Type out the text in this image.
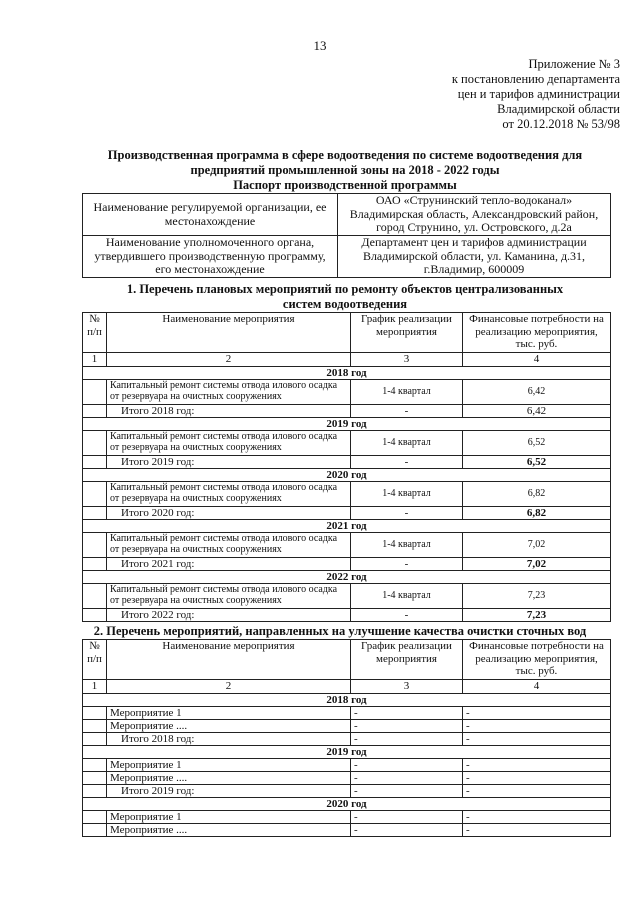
13
Приложение № 3
к постановлению департамента
цен и тарифов администрации
Владимирской области
от 20.12.2018 № 53/98
Производственная программа в сфере водоотведения по системе водоотведения для
предприятий промышленной зоны на 2018 - 2022 годы
Паспорт производственной программы
Наименование регулируемой организации, ее местонахождение	ОАО «Струнинский тепло-водоканал» Владимирская область, Александровский район, город Струнино, ул. Островского, д.2а
Наименование уполномоченного органа, утвердившего производственную программу, его местонахождение	Департамент цен и тарифов администрации Владимирской области, ул. Каманина, д.31, г.Владимир, 600009
1. Перечень плановых мероприятий по ремонту объектов централизованных
систем водоотведения
№ п/п	Наименование мероприятия	График реализации мероприятия	Финансовые потребности на реализацию мероприятия, тыс. руб.
1	2	3	4
2018 год			
	Капитальный ремонт системы отвода илового осадка от резервуара на очистных сооружениях	1-4 квартал	6,42
	Итого 2018 год:	-	6,42
2019 год			
	Капитальный ремонт системы отвода илового осадка от резервуара на очистных сооружениях	1-4 квартал	6,52
	Итого 2019 год:	-	6,52
2020 год			
	Капитальный ремонт системы отвода илового осадка от резервуара на очистных сооружениях	1-4 квартал	6,82
	Итого 2020 год:	-	6,82
2021 год			
	Капитальный ремонт системы отвода илового осадка от резервуара на очистных сооружениях	1-4 квартал	7,02
	Итого 2021 год:	-	7,02
2022 год			
	Капитальный ремонт системы отвода илового осадка от резервуара на очистных сооружениях	1-4 квартал	7,23
	Итого 2022 год:	-	7,23
2. Перечень мероприятий, направленных на улучшение качества очистки сточных вод
№ п/п	Наименование мероприятия	График реализации мероприятия	Финансовые потребности на реализацию мероприятия, тыс. руб.
1	2	3	4
2018 год			
	Мероприятие 1	-	-
	Мероприятие ....	-	-
	Итого 2018 год:	-	-
2019 год			
	Мероприятие 1	-	-
	Мероприятие ....	-	-
	Итого 2019 год:	-	-
2020 год			
	Мероприятие 1	-	-
	Мероприятие ....	-	-
